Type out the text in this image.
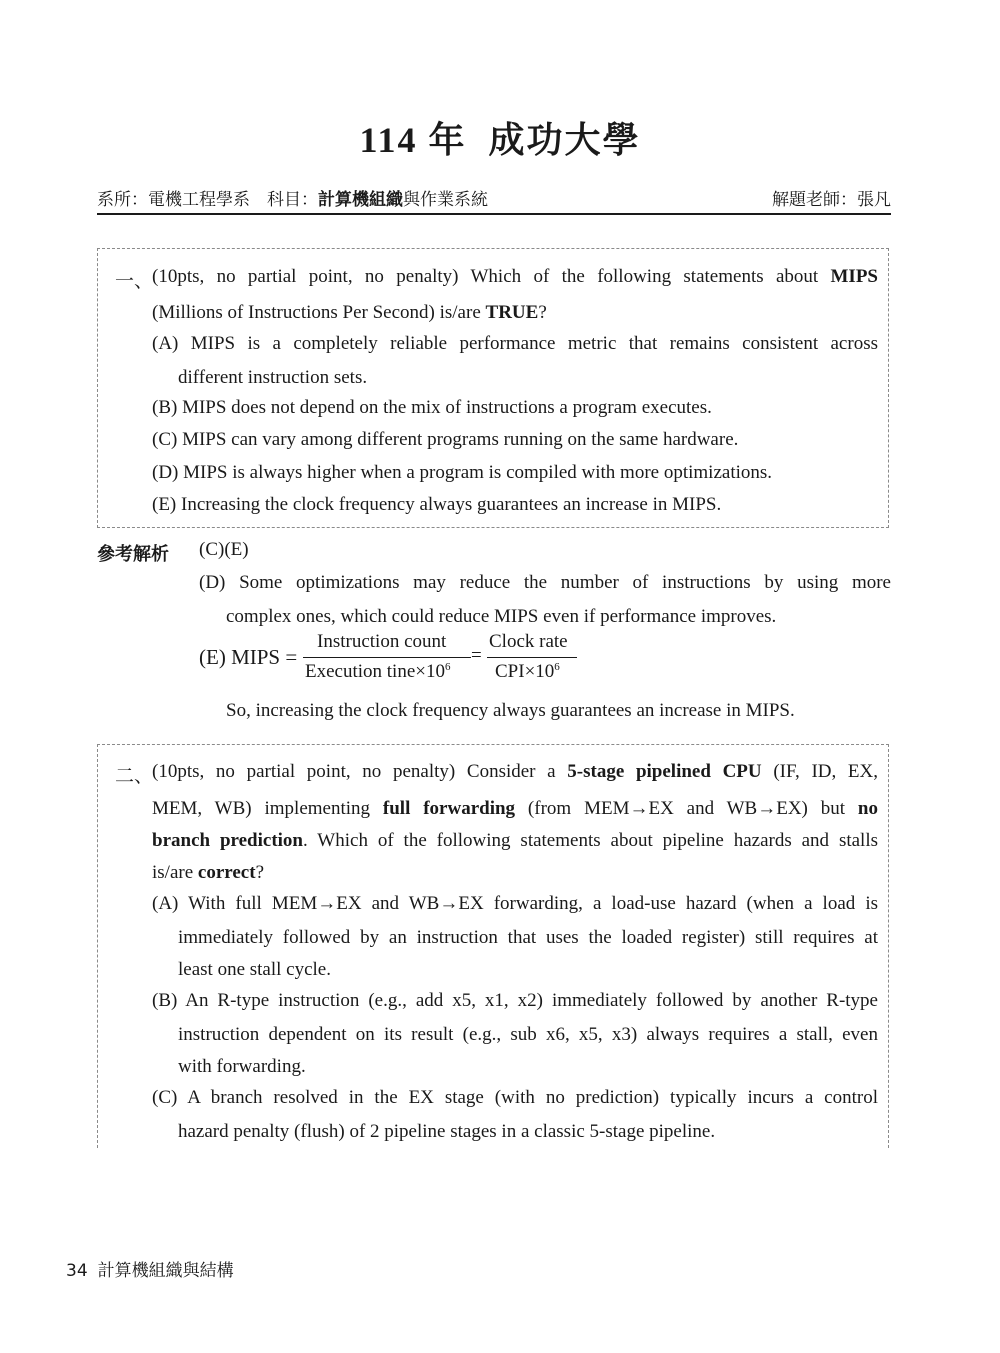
114 年 成功大學
系所：電機工程學系　科目：計算機組織與作業系統	解題老師：張凡
一、
(10pts, no partial point, no penalty) Which of the following statements about MIPS
(Millions of Instructions Per Second) is/are TRUE?
(A) MIPS is a completely reliable performance metric that remains consistent across
different instruction sets.
(B) MIPS does not depend on the mix of instructions a program executes.
(C) MIPS can vary among different programs running on the same hardware.
(D) MIPS is always higher when a program is compiled with more optimizations.
(E) Increasing the clock frequency always guarantees an increase in MIPS.
參考解析 (C)(E)
(D) Some optimizations may reduce the number of instructions by using more
complex ones, which could reduce MIPS even if performance improves.
(E) MIPS =
Instruction count
Execution $tine\times 10^6$
=
Clock rate
$CPI\times 10^6$
So, increasing the clock frequency always guarantees an increase in MIPS.
二、
(10pts, no partial point, no penalty) Consider a 5-stage pipelined CPU (IF, ID, EX,
MEM, WB) implementing full forwarding (from MEM→EX and WB→EX) but no
branch prediction. Which of the following statements about pipeline hazards and stalls
is/are correct?
(A) With full MEM→EX and WB→EX forwarding, a load-use hazard (when a load is
immediately followed by an instruction that uses the loaded register) still requires at
least one stall cycle.
(B) An R-type instruction (e.g., add x5, x1, x2) immediately followed by another R-type
instruction dependent on its result (e.g., sub x6, x5, x3) always requires a stall, even
with forwarding.
(C) A branch resolved in the EX stage (with no prediction) typically incurs a control
hazard penalty (flush) of 2 pipeline stages in a classic 5-stage pipeline.
34 計算機組織與結構
